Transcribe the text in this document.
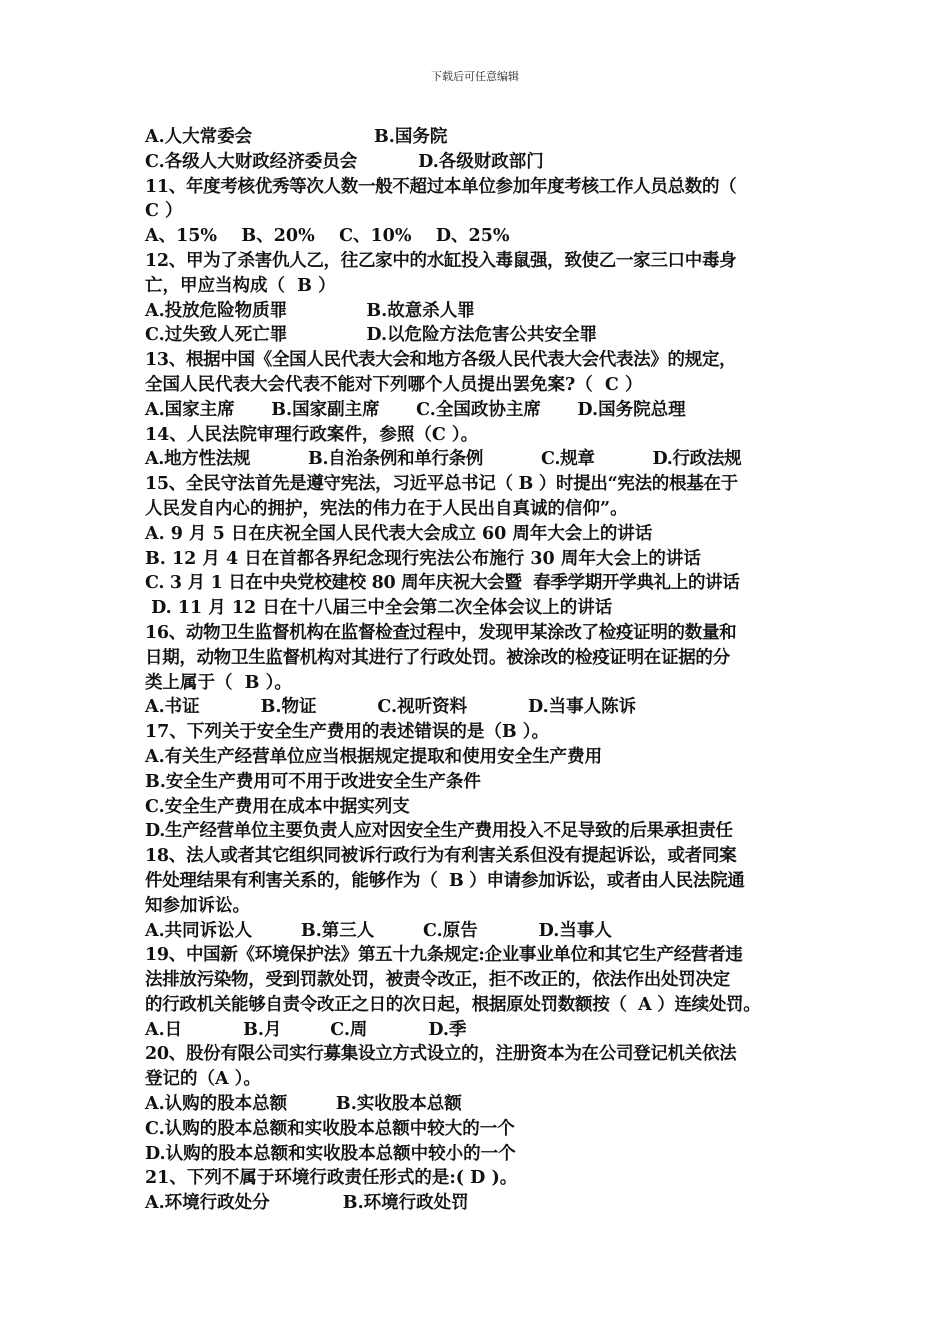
下载后可任意编辑
A.人大常委会                    B.国务院
C.各级人大财政经济委员会          D.各级财政部门
11、年度考核优秀等次人数一般不超过本单位参加年度考核工作人员总数的（
C ）
A、15%    B、20%    C、10%    D、25%
12、甲为了杀害仇人乙，往乙家中的水缸投入毒鼠强，致使乙一家三口中毒身
亡，甲应当构成（  B ）
A.投放危险物质罪             B.故意杀人罪
C.过失致人死亡罪             D.以危险方法危害公共安全罪
13、根据中国《全国人民代表大会和地方各级人民代表大会代表法》的规定，
全国人民代表大会代表不能对下列哪个人员提出罢免案?（  C ）
A.国家主席      B.国家副主席      C.全国政协主席      D.国务院总理
14、人民法院审理行政案件，参照（C ）。
A.地方性法规          B.自治条例和单行条例          C.规章          D.行政法规
15、全民守法首先是遵守宪法，习近平总书记（ B ）时提出“宪法的根基在于
人民发自内心的拥护，宪法的伟力在于人民出自真诚的信仰”。
A. 9 月 5 日在庆祝全国人民代表大会成立 60 周年大会上的讲话
B. 12 月 4 日在首都各界纪念现行宪法公布施行 30 周年大会上的讲话
C. 3 月 1 日在中央党校建校 80 周年庆祝大会暨  春季学期开学典礼上的讲话
D. 11 月 12 日在十八届三中全会第二次全体会议上的讲话
16、动物卫生监督机构在监督检查过程中，发现甲某涂改了检疫证明的数量和
日期，动物卫生监督机构对其进行了行政处罚。被涂改的检疫证明在证据的分
类上属于（  B ）。
A.书证          B.物证          C.视听资料          D.当事人陈诉
17、下列关于安全生产费用的表述错误的是（B ）。
A.有关生产经营单位应当根据规定提取和使用安全生产费用
B.安全生产费用可不用于改进安全生产条件
C.安全生产费用在成本中据实列支
D.生产经营单位主要负责人应对因安全生产费用投入不足导致的后果承担责任
18、法人或者其它组织同被诉行政行为有利害关系但没有提起诉讼，或者同案
件处理结果有利害关系的，能够作为（  B ）申请参加诉讼，或者由人民法院通
知参加诉讼。
A.共同诉讼人        B.第三人        C.原告          D.当事人
19、中国新《环境保护法》第五十九条规定:企业事业单位和其它生产经营者违
法排放污染物，受到罚款处罚，被责令改正，拒不改正的，依法作出处罚决定
的行政机关能够自责令改正之日的次日起，根据原处罚数额按（  A ）连续处罚。
A.日          B.月        C.周          D.季
20、股份有限公司实行募集设立方式设立的，注册资本为在公司登记机关依法
登记的（A ）。
A.认购的股本总额        B.实收股本总额
C.认购的股本总额和实收股本总额中较大的一个
D.认购的股本总额和实收股本总额中较小的一个
21、下列不属于环境行政责任形式的是:( D )。
A.环境行政处分            B.环境行政处罚
